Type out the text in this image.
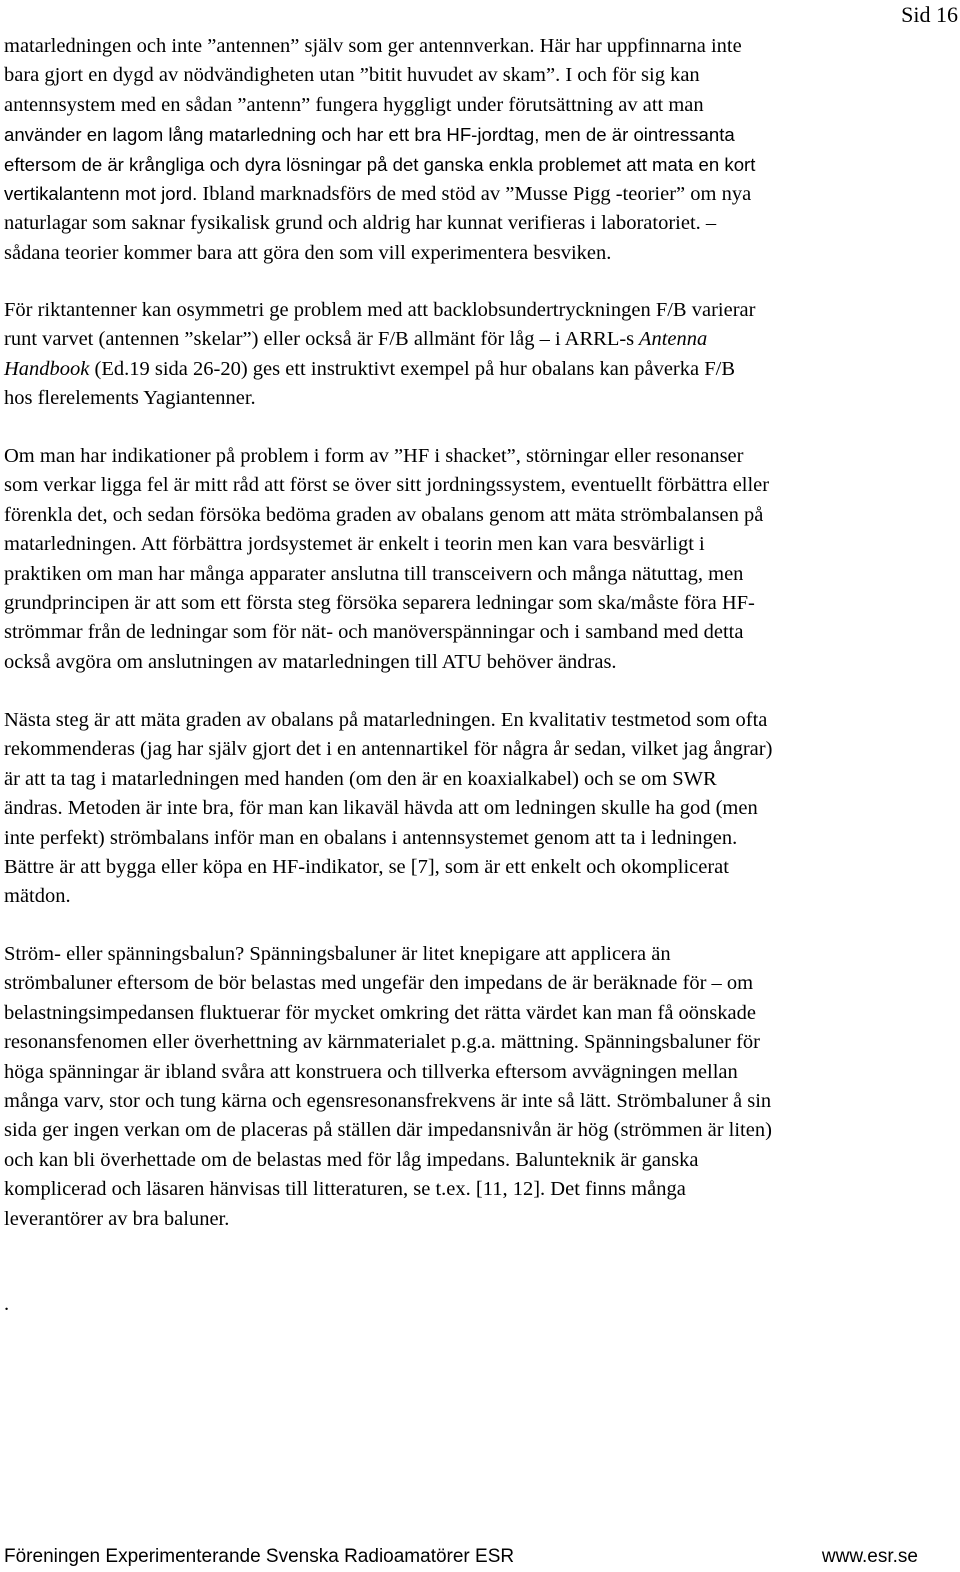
Sid 16

matarledningen och inte ”antennen” själv som ger antennverkan. Här har uppfinnarna inte
bara gjort en dygd av nödvändigheten utan ”bitit huvudet av skam”. I och för sig kan
antennsystem med en sådan ”antenn” fungera hyggligt under förutsättning av att man
använder en lagom lång matarledning och har ett bra HF-jordtag, men de är ointressanta
eftersom de är krångliga och dyra lösningar på det ganska enkla problemet att mata en kort
vertikalantenn mot jord. Ibland marknadsförs de med stöd av ”Musse Pigg -teorier” om nya
naturlagar som saknar fysikalisk grund och aldrig har kunnat verifieras i laboratoriet. –
sådana teorier kommer bara att göra den som vill experimentera besviken.

För riktantenner kan osymmetri ge problem med att backlobsundertryckningen F/B varierar
runt varvet (antennen ”skelar”) eller också är F/B allmänt för låg – i ARRL-s Antenna
Handbook (Ed.19 sida 26-20) ges ett instruktivt exempel på hur obalans kan påverka F/B
hos flerelements Yagiantenner.

Om man har indikationer på problem i form av ”HF i shacket”, störningar eller resonanser
som verkar ligga fel är mitt råd att först se över sitt jordningssystem, eventuellt förbättra eller
förenkla det, och sedan försöka bedöma graden av obalans genom att mäta strömbalansen på
matarledningen. Att förbättra jordsystemet är enkelt i teorin men kan vara besvärligt i
praktiken om man har många apparater anslutna till transceivern och många nätuttag, men
grundprincipen är att som ett första steg försöka separera ledningar som ska/måste föra HF-
strömmar från de ledningar som för nät- och manöverspänningar och i samband med detta
också avgöra om anslutningen av matarledningen till ATU behöver ändras.

Nästa steg är att mäta graden av obalans på matarledningen. En kvalitativ testmetod som ofta
rekommenderas (jag har själv gjort det i en antennartikel för några år sedan, vilket jag ångrar)
är att ta tag i matarledningen med handen (om den är en koaxialkabel) och se om SWR
ändras. Metoden är inte bra, för man kan likaväl hävda att om ledningen skulle ha god (men
inte perfekt) strömbalans inför man en obalans i antennsystemet genom att ta i ledningen.
Bättre är att bygga eller köpa en HF-indikator, se [7], som är ett enkelt och okomplicerat
mätdon.

Ström- eller spänningsbalun? Spänningsbaluner är litet knepigare att applicera än
strömbaluner eftersom de bör belastas med ungefär den impedans de är beräknade för – om
belastningsimpedansen fluktuerar för mycket omkring det rätta värdet kan man få oönskade
resonansfenomen eller överhettning av kärnmaterialet p.g.a. mättning. Spänningsbaluner för
höga spänningar är ibland svåra att konstruera och tillverka eftersom avvägningen mellan
många varv, stor och tung kärna och egensresonansfrekvens är inte så lätt. Strömbaluner å sin
sida ger ingen verkan om de placeras på ställen där impedansnivån är hög (strömmen är liten)
och kan bli överhettade om de belastas med för låg impedans. Balunteknik är ganska
komplicerad och läsaren hänvisas till litteraturen, se t.ex. [11, 12]. Det finns många
leverantörer av bra baluner.

.
Föreningen Experimenterande Svenska Radioamatörer ESR	www.esr.se
